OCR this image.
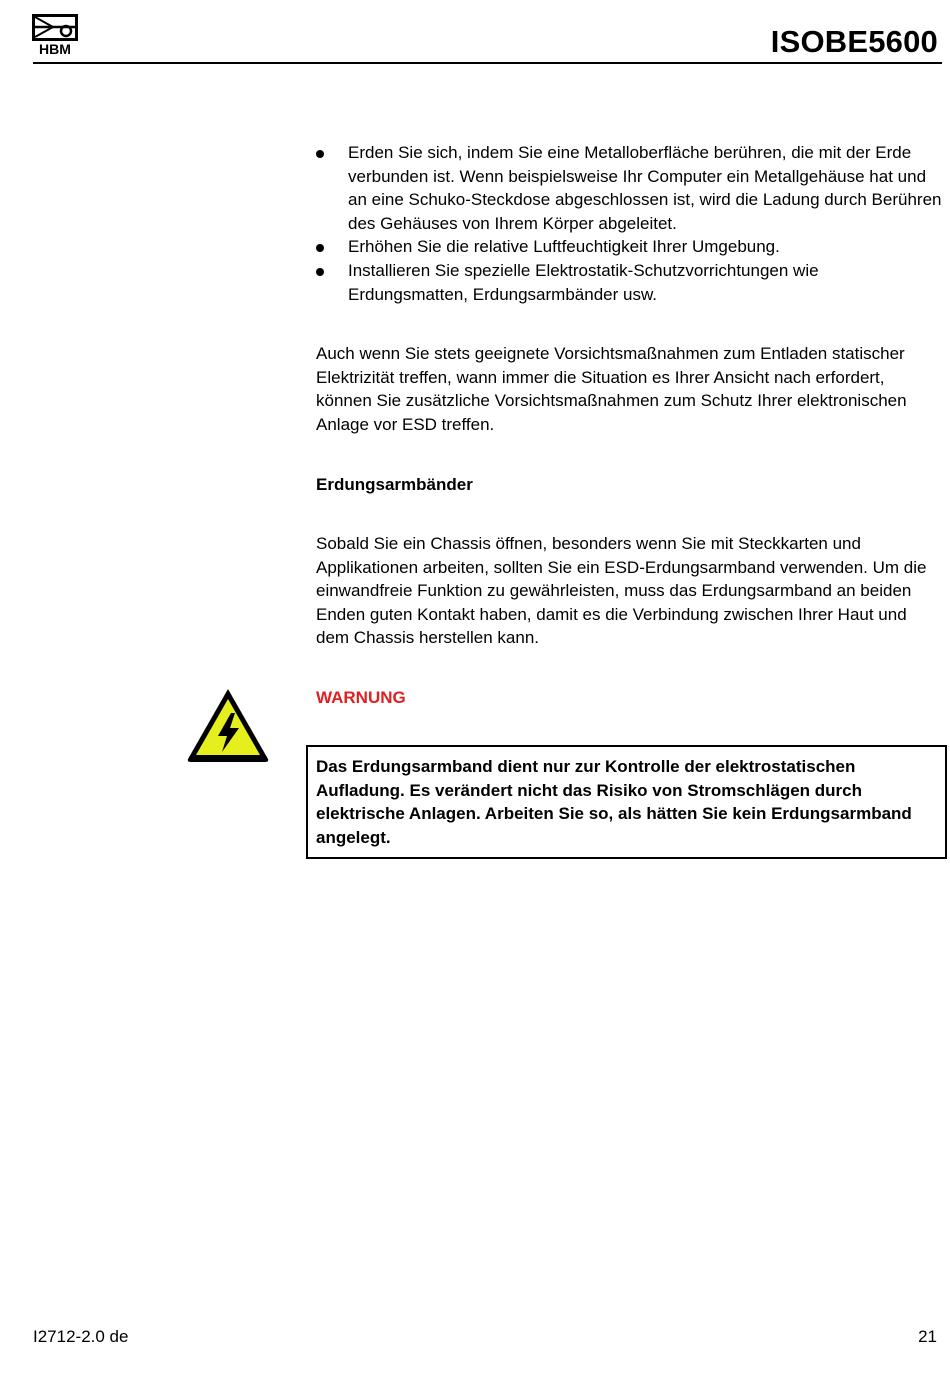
HBM	ISOBE5600
Erden Sie sich, indem Sie eine Metalloberfläche berühren, die mit der Erde verbunden ist. Wenn beispielsweise Ihr Computer ein Metallgehäuse hat und an eine Schuko-Steckdose abgeschlossen ist, wird die Ladung durch Berühren des Gehäuses von Ihrem Körper abgeleitet.
Erhöhen Sie die relative Luftfeuchtigkeit Ihrer Umgebung.
Installieren Sie spezielle Elektrostatik-Schutzvorrichtungen wie Erdungsmatten, Erdungsarmbänder usw.

Auch wenn Sie stets geeignete Vorsichtsmaßnahmen zum Entladen statischer Elektrizität treffen, wann immer die Situation es Ihrer Ansicht nach erfordert, können Sie zusätzliche Vorsichtsmaßnahmen zum Schutz Ihrer elektronischen Anlage vor ESD treffen.

Erdungsarmbänder

Sobald Sie ein Chassis öffnen, besonders wenn Sie mit Steckkarten und Applikationen arbeiten, sollten Sie ein ESD-Erdungsarmband verwenden. Um die einwandfreie Funktion zu gewährleisten, muss das Erdungsarmband an beiden Enden guten Kontakt haben, damit es die Verbindung zwischen Ihrer Haut und dem Chassis herstellen kann.

WARNUNG

Das Erdungsarmband dient nur zur Kontrolle der elektrostatischen Aufladung. Es verändert nicht das Risiko von Stromschlägen durch elektrische Anlagen. Arbeiten Sie so, als hätten Sie kein Erdungsarmband angelegt.
I2712-2.0 de	21
